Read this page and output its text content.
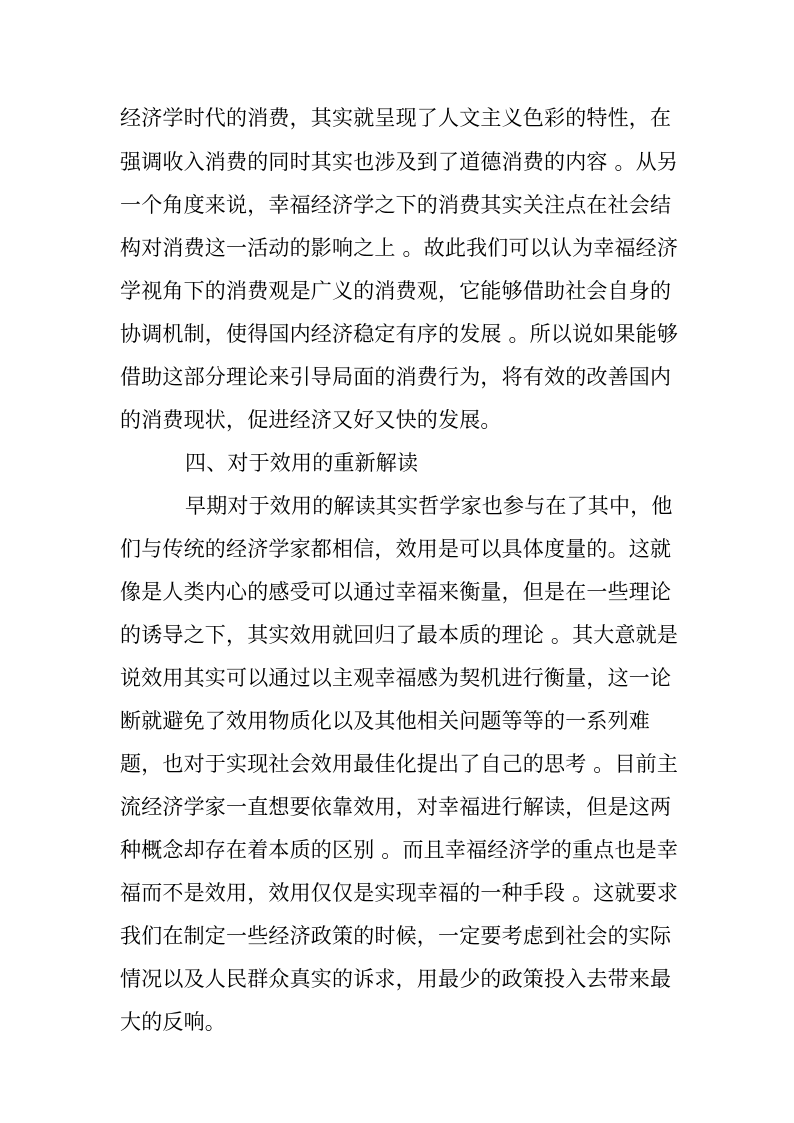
经济学时代的消费，其实就呈现了人文主义色彩的特性，在
强调收入消费的同时其实也涉及到了道德消费的内容 。从另
一个角度来说，幸福经济学之下的消费其实关注点在社会结
构对消费这一活动的影响之上 。故此我们可以认为幸福经济
学视角下的消费观是广义的消费观，它能够借助社会自身的
协调机制，使得国内经济稳定有序的发展 。所以说如果能够
借助这部分理论来引导局面的消费行为，将有效的改善国内
的消费现状，促进经济又好又快的发展。
四、对于效用的重新解读
早期对于效用的解读其实哲学家也参与在了其中，他
们与传统的经济学家都相信，效用是可以具体度量的。这就
像是人类内心的感受可以通过幸福来衡量，但是在一些理论
的诱导之下，其实效用就回归了最本质的理论 。其大意就是
说效用其实可以通过以主观幸福感为契机进行衡量，这一论
断就避免了效用物质化以及其他相关问题等等的一系列难
题，也对于实现社会效用最佳化提出了自己的思考 。目前主
流经济学家一直想要依靠效用，对幸福进行解读，但是这两
种概念却存在着本质的区别 。而且幸福经济学的重点也是幸
福而不是效用，效用仅仅是实现幸福的一种手段 。这就要求
我们在制定一些经济政策的时候，一定要考虑到社会的实际
情况以及人民群众真实的诉求，用最少的政策投入去带来最
大的反响。
